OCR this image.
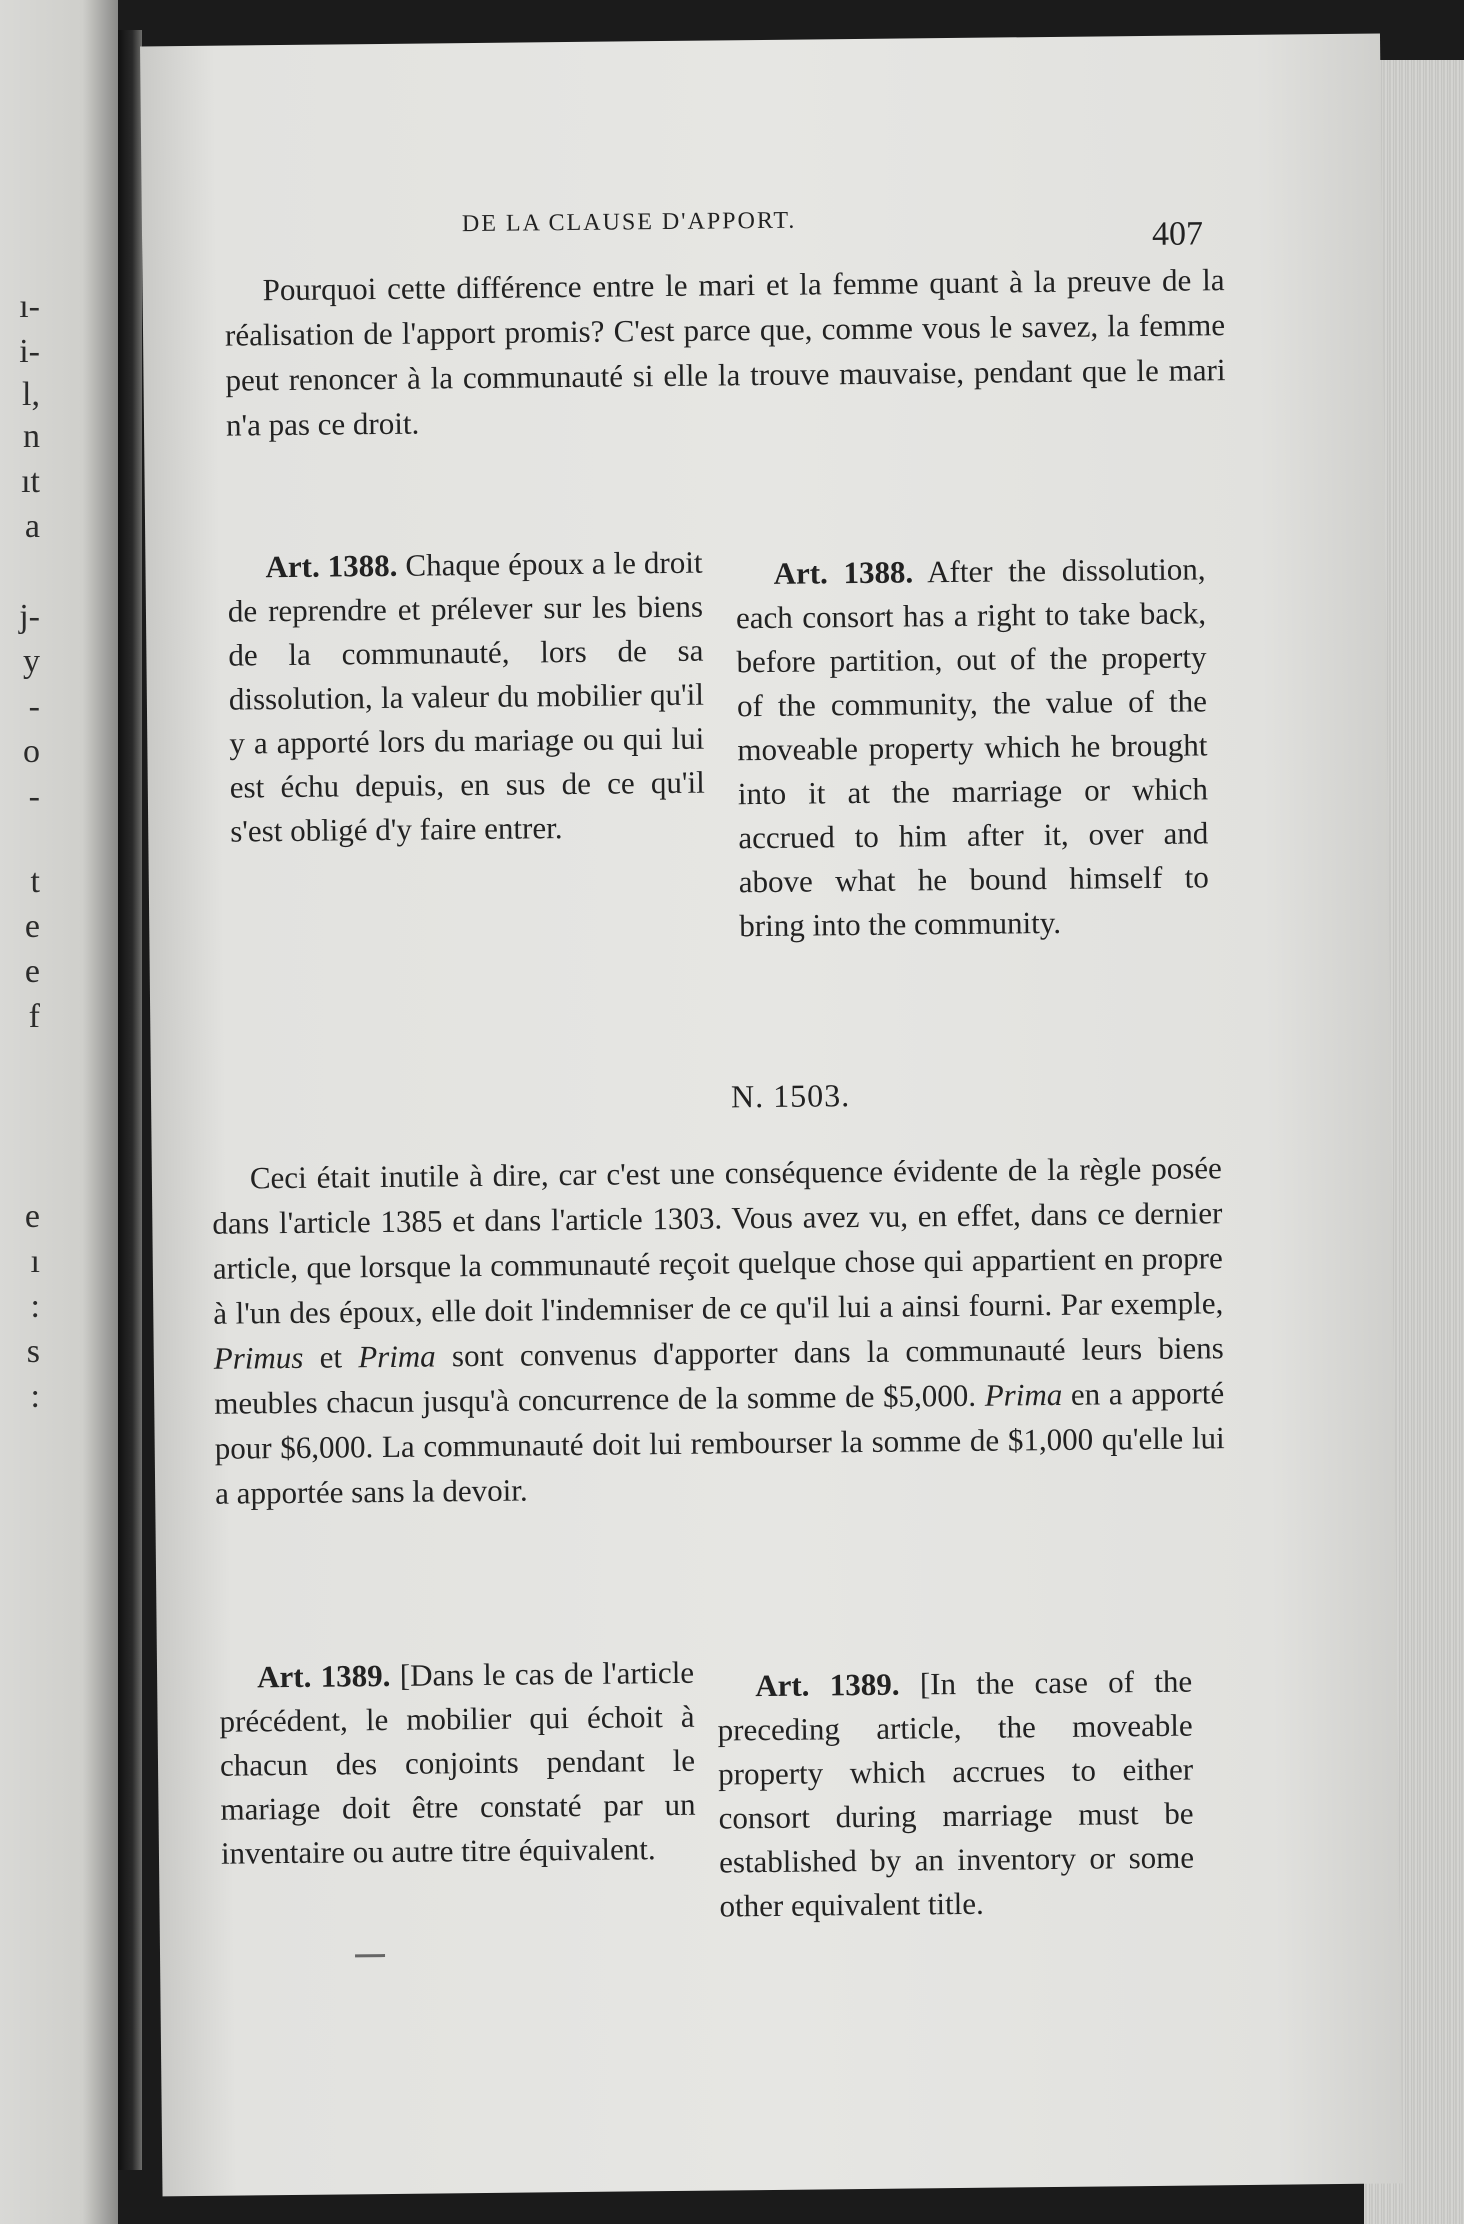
ı-
i-
l,
n
ıt
a
j-
y
-
o
-
t
e
e
f
e
ı
:
s
:
DE LA CLAUSE D'APPORT.	407
Pourquoi cette différence entre le mari et la femme quant à la preuve de la réalisation de l'apport promis? C'est parce que, comme vous le savez, la femme peut renoncer à la communauté si elle la trouve mauvaise, pendant que le mari n'a pas ce droit.
Art. 1388. Chaque époux a le droit de reprendre et prélever sur les biens de la communauté, lors de sa dissolution, la valeur du mobilier qu'il y a apporté lors du mariage ou qui lui est échu depuis, en sus de ce qu'il s'est obligé d'y faire entrer.
Art. 1388. After the dissolution, each consort has a right to take back, before partition, out of the property of the community, the value of the moveable property which he brought into it at the marriage or which accrued to him after it, over and above what he bound himself to bring into the community.
N. 1503.
Ceci était inutile à dire, car c'est une conséquence évidente de la règle posée dans l'article 1385 et dans l'article 1303. Vous avez vu, en effet, dans ce dernier article, que lorsque la communauté reçoit quelque chose qui appartient en propre à l'un des époux, elle doit l'indemniser de ce qu'il lui a ainsi fourni. Par exemple, Primus et Prima sont convenus d'apporter dans la communauté leurs biens meubles chacun jusqu'à concurrence de la somme de $5,000. Prima en a apporté pour $6,000. La communauté doit lui rembourser la somme de $1,000 qu'elle lui a apportée sans la devoir.
Art. 1389. [Dans le cas de l'article précédent, le mobilier qui échoit à chacun des conjoints pendant le mariage doit être constaté par un inventaire ou autre titre équivalent.
Art. 1389. [In the case of the preceding article, the moveable property which accrues to either consort during marriage must be established by an inventory or some other equivalent title.
